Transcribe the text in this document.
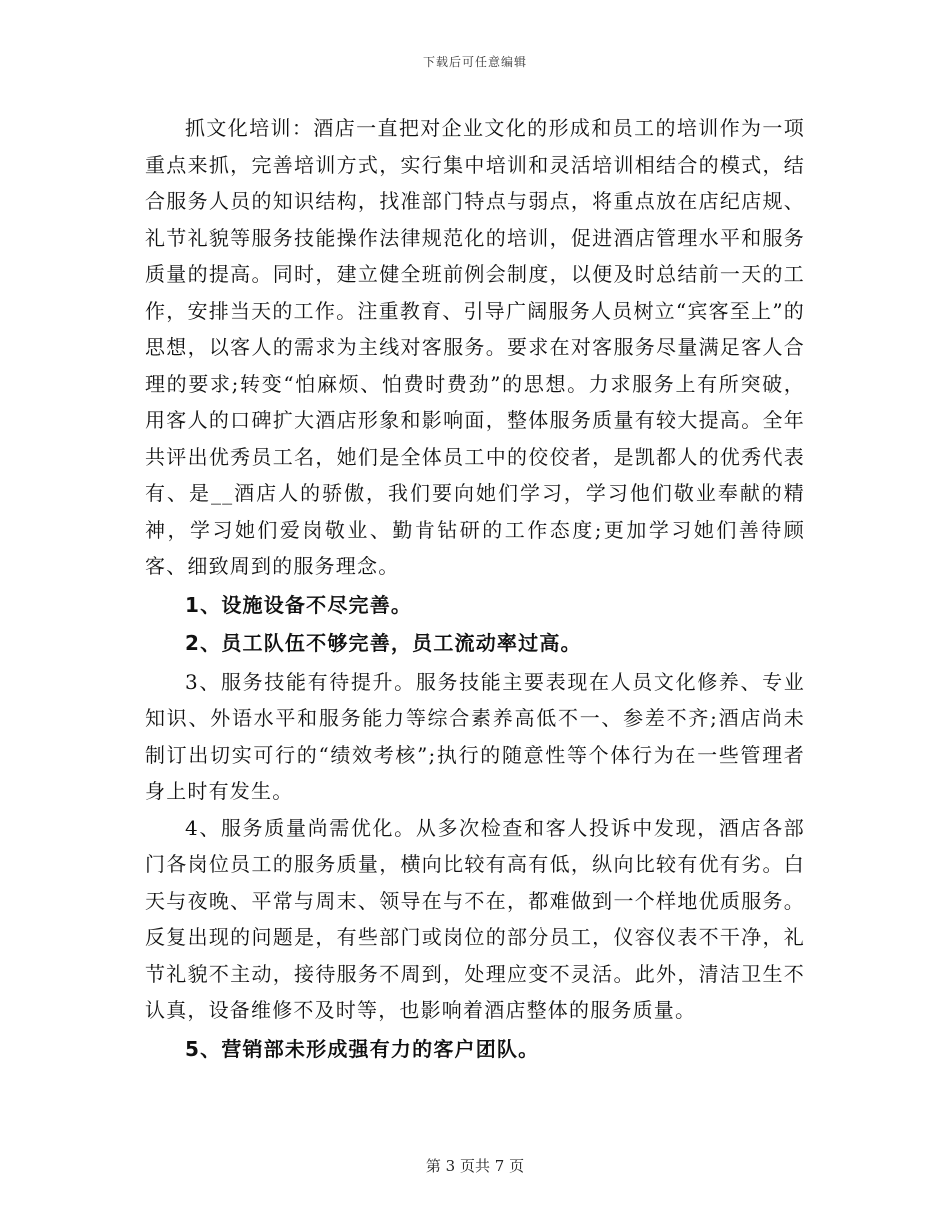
下载后可任意编辑

抓文化培训：酒店一直把对企业文化的形成和员工的培训作为一项重点来抓，完善培训方式，实行集中培训和灵活培训相结合的模式，结合服务人员的知识结构，找准部门特点与弱点，将重点放在店纪店规、礼节礼貌等服务技能操作法律规范化的培训，促进酒店管理水平和服务质量的提高。同时，建立健全班前例会制度，以便及时总结前一天的工作，安排当天的工作。注重教育、引导广阔服务人员树立“宾客至上”的思想，以客人的需求为主线对客服务。要求在对客服务尽量满足客人合理的要求;转变“怕麻烦、怕费时费劲”的思想。力求服务上有所突破，用客人的口碑扩大酒店形象和影响面，整体服务质量有较大提高。全年共评出优秀员工名，她们是全体员工中的佼佼者，是凯都人的优秀代表有、是__酒店人的骄傲，我们要向她们学习，学习他们敬业奉献的精神，学习她们爱岗敬业、勤肯钻研的工作态度;更加学习她们善待顾客、细致周到的服务理念。

1、设施设备不尽完善。

2、员工队伍不够完善，员工流动率过高。

3、服务技能有待提升。服务技能主要表现在人员文化修养、专业知识、外语水平和服务能力等综合素养高低不一、参差不齐;酒店尚未制订出切实可行的“绩效考核”;执行的随意性等个体行为在一些管理者身上时有发生。

4、服务质量尚需优化。从多次检查和客人投诉中发现，酒店各部门各岗位员工的服务质量，横向比较有高有低，纵向比较有优有劣。白天与夜晚、平常与周末、领导在与不在，都难做到一个样地优质服务。反复出现的问题是，有些部门或岗位的部分员工，仪容仪表不干净，礼节礼貌不主动，接待服务不周到，处理应变不灵活。此外，清洁卫生不认真，设备维修不及时等，也影响着酒店整体的服务质量。

5、营销部未形成强有力的客户团队。

第 3 页共 7 页
